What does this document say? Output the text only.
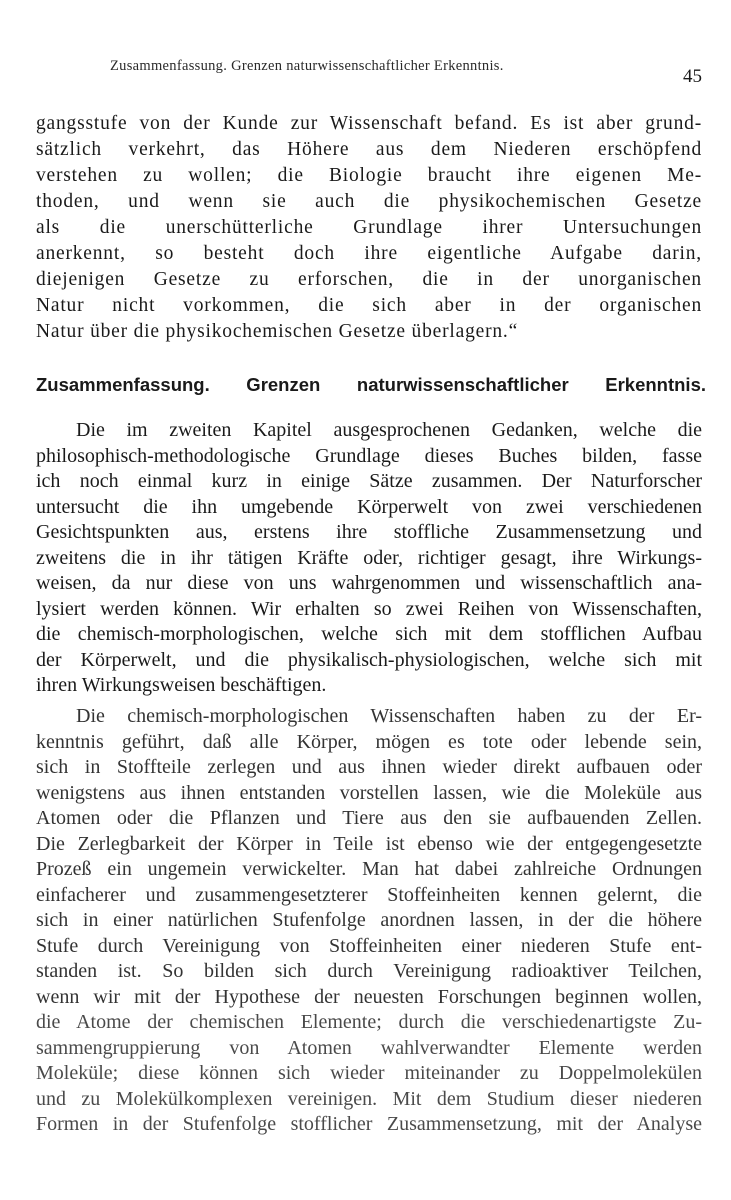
Zusammenfassung. Grenzen naturwissenschaftlicher Erkenntnis.	45
gangsstufe von der Kunde zur Wissenschaft befand. Es ist aber grund-
sätzlich verkehrt, das Höhere aus dem Niederen erschöpfend
verstehen zu wollen; die Biologie braucht ihre eigenen Me-
thoden, und wenn sie auch die physikochemischen Gesetze
als die unerschütterliche Grundlage ihrer Untersuchungen
anerkennt, so besteht doch ihre eigentliche Aufgabe darin,
diejenigen Gesetze zu erforschen, die in der unorganischen
Natur nicht vorkommen, die sich aber in der organischen
Natur über die physikochemischen Gesetze überlagern.“
Zusammenfassung. Grenzen naturwissenschaftlicher Erkenntnis.
Die im zweiten Kapitel ausgesprochenen Gedanken, welche die
philosophisch-methodologische Grundlage dieses Buches bilden, fasse
ich noch einmal kurz in einige Sätze zusammen. Der Naturforscher
untersucht die ihn umgebende Körperwelt von zwei verschiedenen
Gesichtspunkten aus, erstens ihre stoffliche Zusammensetzung und
zweitens die in ihr tätigen Kräfte oder, richtiger gesagt, ihre Wirkungs-
weisen, da nur diese von uns wahrgenommen und wissenschaftlich ana-
lysiert werden können. Wir erhalten so zwei Reihen von Wissenschaften,
die chemisch-morphologischen, welche sich mit dem stofflichen Aufbau
der Körperwelt, und die physikalisch-physiologischen, welche sich mit
ihren Wirkungsweisen beschäftigen.
Die chemisch-morphologischen Wissenschaften haben zu der Er-
kenntnis geführt, daß alle Körper, mögen es tote oder lebende sein,
sich in Stoffteile zerlegen und aus ihnen wieder direkt aufbauen oder
wenigstens aus ihnen entstanden vorstellen lassen, wie die Moleküle aus
Atomen oder die Pflanzen und Tiere aus den sie aufbauenden Zellen.
Die Zerlegbarkeit der Körper in Teile ist ebenso wie der entgegengesetzte
Prozeß ein ungemein verwickelter. Man hat dabei zahlreiche Ordnungen
einfacherer und zusammengesetzterer Stoffeinheiten kennen gelernt, die
sich in einer natürlichen Stufenfolge anordnen lassen, in der die höhere
Stufe durch Vereinigung von Stoffeinheiten einer niederen Stufe ent-
standen ist. So bilden sich durch Vereinigung radioaktiver Teilchen,
wenn wir mit der Hypothese der neuesten Forschungen beginnen wollen,
die Atome der chemischen Elemente; durch die verschiedenartigste Zu-
sammengruppierung von Atomen wahlverwandter Elemente werden
Moleküle; diese können sich wieder miteinander zu Doppelmolekülen
und zu Molekülkomplexen vereinigen. Mit dem Studium dieser niederen
Formen in der Stufenfolge stofflicher Zusammensetzung, mit der Analyse
